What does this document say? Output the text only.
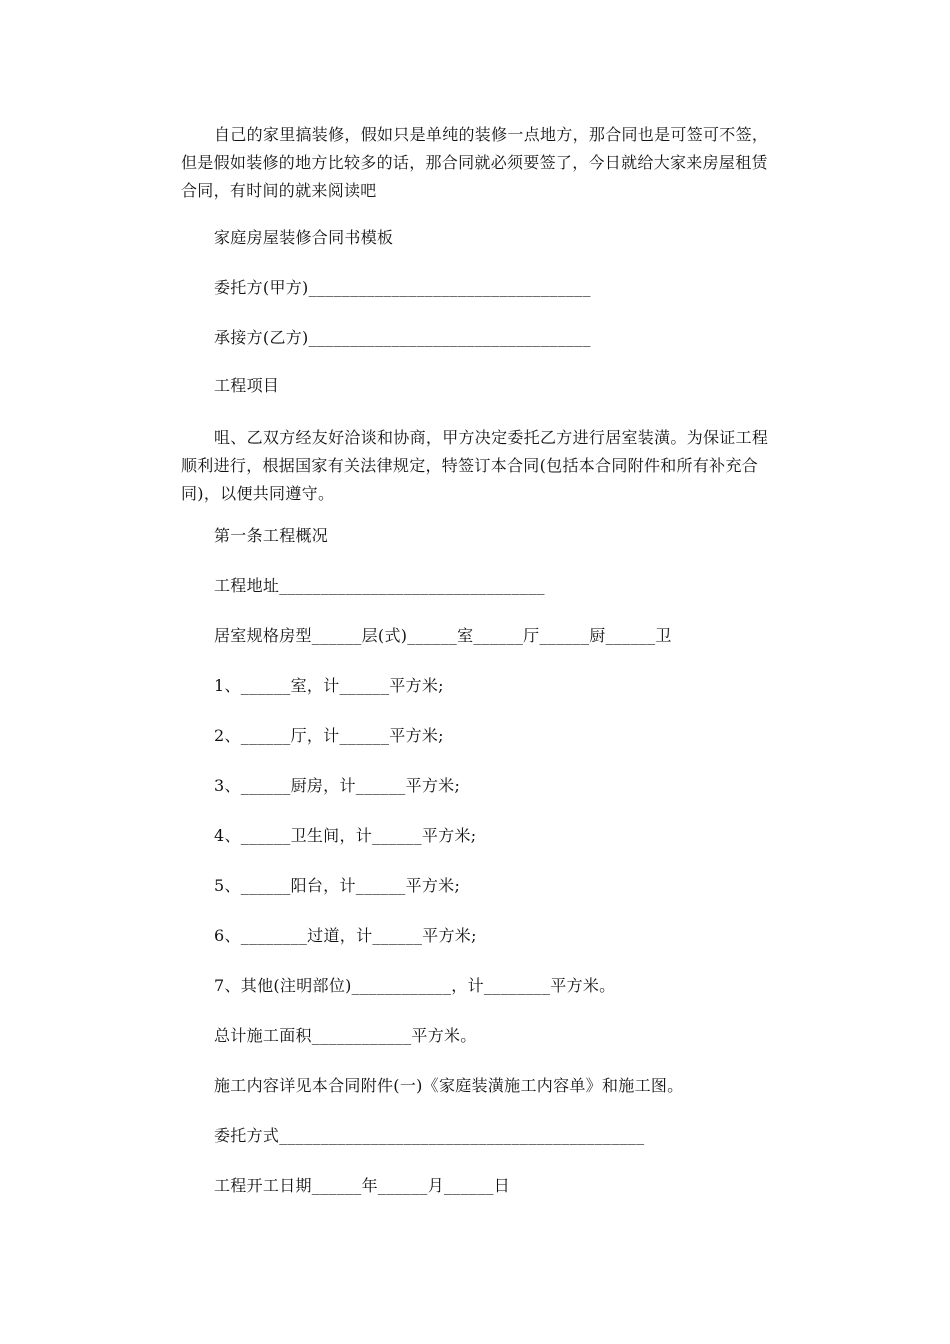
自己的家里搞装修，假如只是单纯的装修一点地方，那合同也是可签可不签，但是假如装修的地方比较多的话，那合同就必须要签了，今日就给大家来房屋租赁合同，有时间的就来阅读吧

家庭房屋装修合同书模板

委托方(甲方)__________________________________

承接方(乙方)__________________________________

工程项目

咀、乙双方经友好洽谈和协商，甲方决定委托乙方进行居室装潢。为保证工程顺利进行，根据国家有关法律规定，特签订本合同(包括本合同附件和所有补充合同)，以便共同遵守。

第一条工程概况

工程地址________________________________

居室规格房型______层(式)______室______厅______厨______卫

1、______室，计______平方米;

2、______厅，计______平方米;

3、______厨房，计______平方米;

4、______卫生间，计______平方米;

5、______阳台，计______平方米;

6、________过道，计______平方米;

7、其他(注明部位)____________，计________平方米。

总计施工面积____________平方米。

施工内容详见本合同附件(一)《家庭装潢施工内容单》和施工图。

委托方式____________________________________________

工程开工日期______年______月______日
